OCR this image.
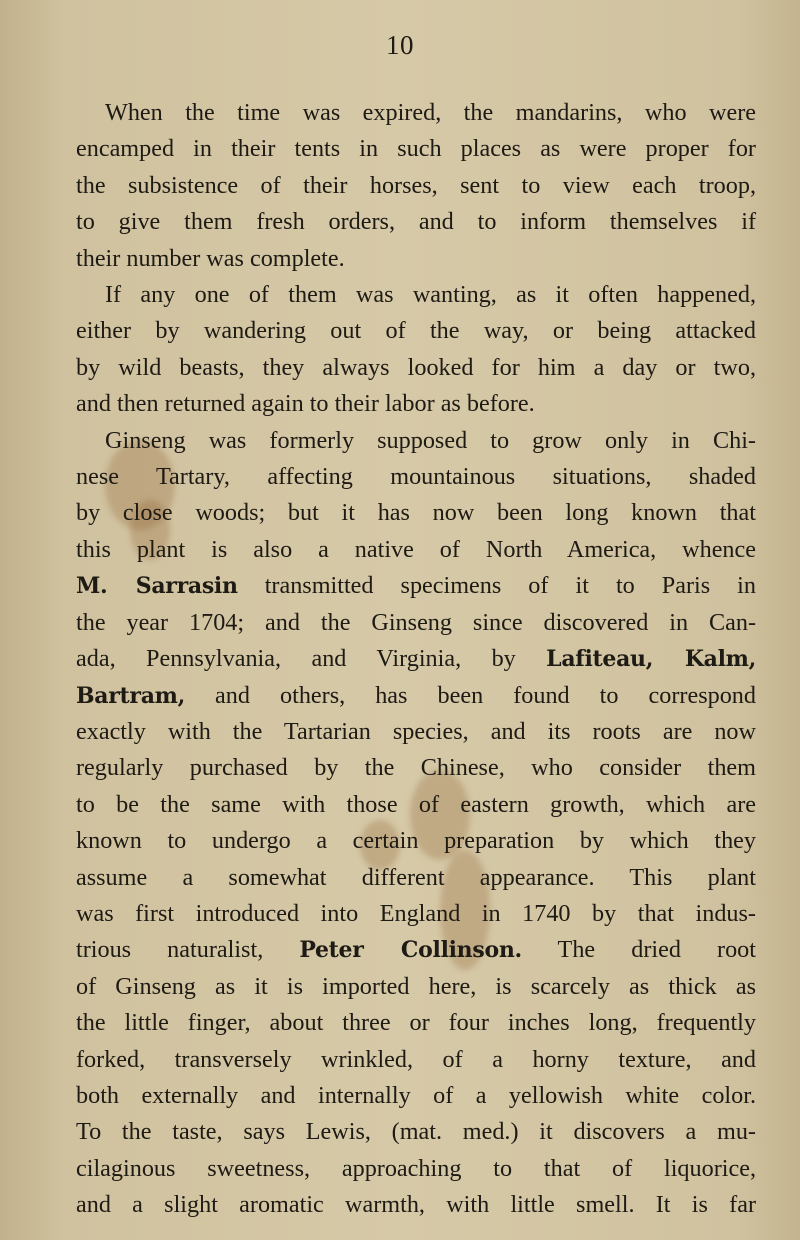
10
When the time was expired, the mandarins, who were
encamped in their tents in such places as were proper for
the subsistence of their horses, sent to view each troop,
to give them fresh orders, and to inform themselves if
their number was complete.
If any one of them was wanting, as it often happened,
either by wandering out of the way, or being attacked
by wild beasts, they always looked for him a day or two,
and then returned again to their labor as before.
Ginseng was formerly supposed to grow only in Chi-
nese Tartary, affecting mountainous situations, shaded
by close woods; but it has now been long known that
this plant is also a native of North America, whence
M. Sarrasin transmitted specimens of it to Paris in
the year 1704; and the Ginseng since discovered in Can-
ada, Pennsylvania, and Virginia, by Lafiteau, Kalm,
Bartram, and others, has been found to correspond
exactly with the Tartarian species, and its roots are now
regularly purchased by the Chinese, who consider them
to be the same with those of eastern growth, which are
known to undergo a certain preparation by which they
assume a somewhat different appearance. This plant
was first introduced into England in 1740 by that indus-
trious naturalist, Peter Collinson. The dried root
of Ginseng as it is imported here, is scarcely as thick as
the little finger, about three or four inches long, frequently
forked, transversely wrinkled, of a horny texture, and
both externally and internally of a yellowish white color.
To the taste, says Lewis, (mat. med.) it discovers a mu-
cilaginous sweetness, approaching to that of liquorice,
and a slight aromatic warmth, with little smell. It is far
